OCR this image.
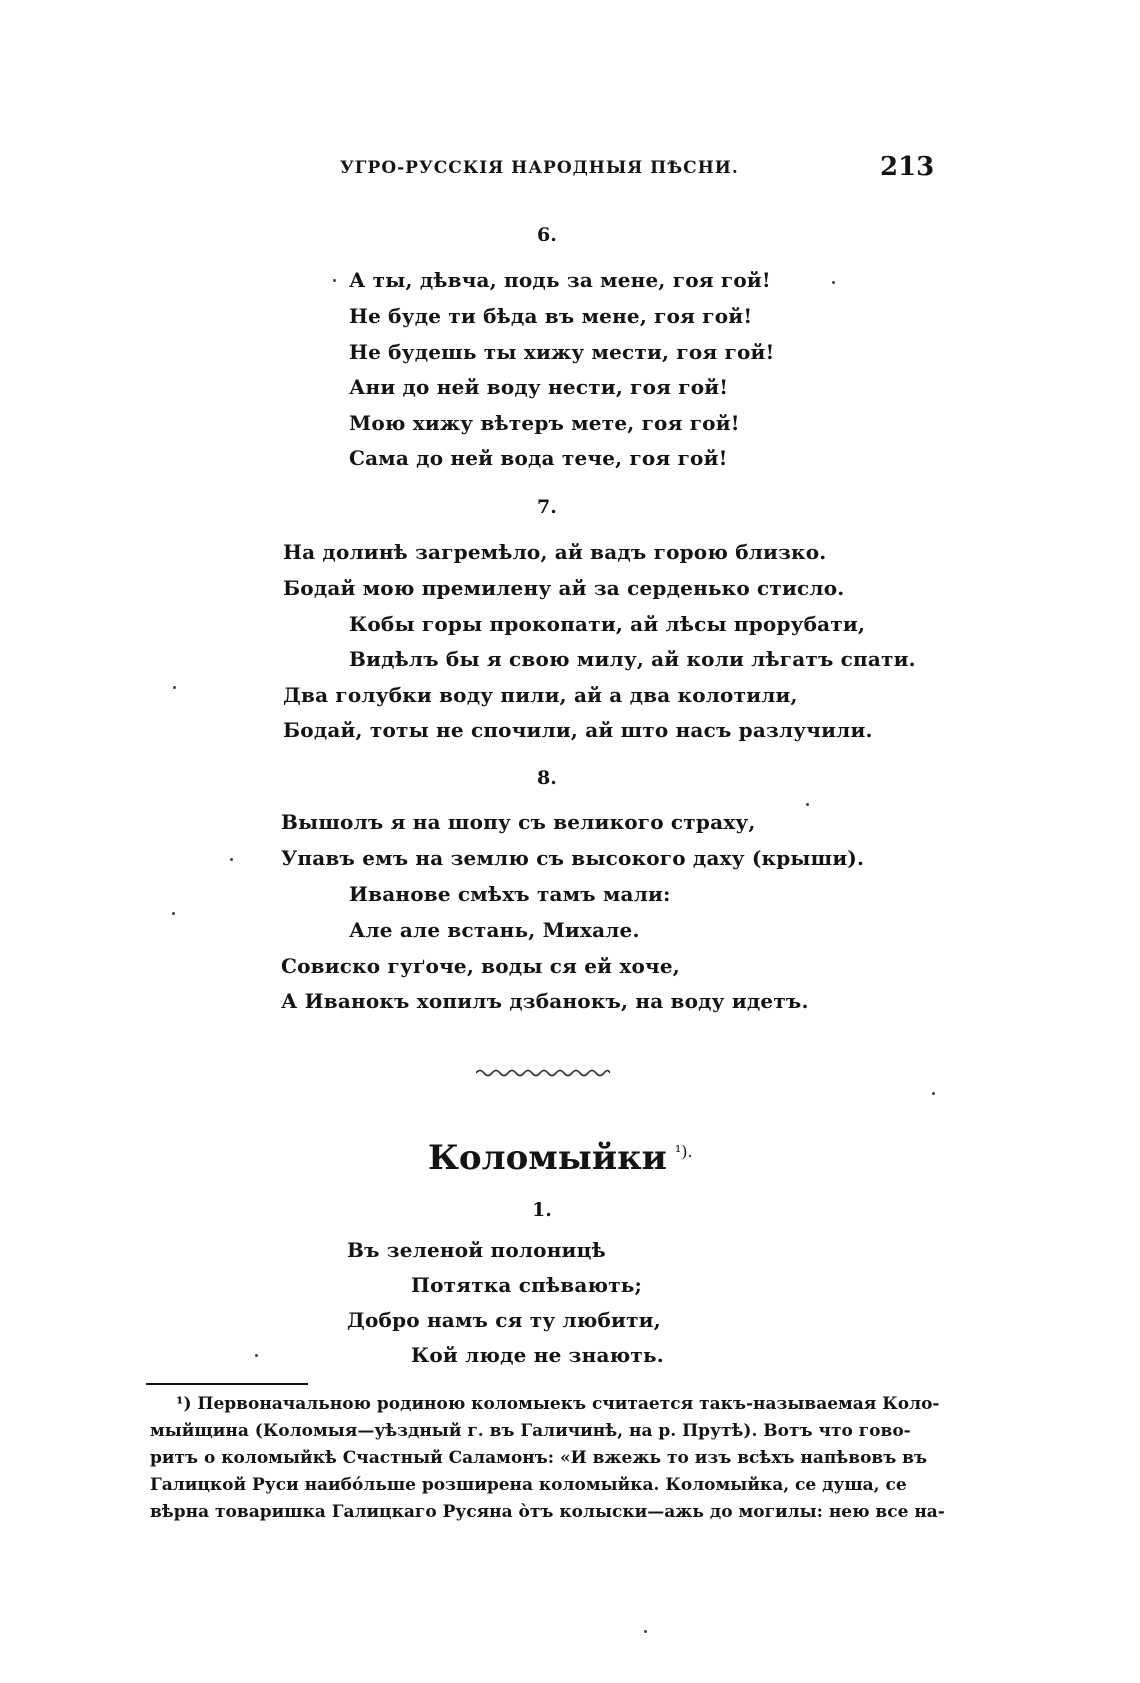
УГРО-РУССКІЯ НАРОДНЫЯ ПѢСНИ.	213
6.
А ты, дѣвча, подь за мене, гоя гой!
Не буде ти бѣда въ мене, гоя гой!
Не будешь ты хижу мести, гоя гой!
Ани до ней воду нести, гоя гой!
Мою хижу вѣтеръ мете, гоя гой!
Сама до ней вода тече, гоя гой!
7.
На долинѣ загремѣло, ай вадъ горою близко.
Бодай мою премилену ай за серденько стисло.
Кобы горы прокопати, ай лѣсы прорубати,
Видѣлъ бы я свою милу, ай коли лѣгатъ спати.
Два голубки воду пили, ай а два колотили,
Бодай, тоты не спочили, ай што насъ разлучили.
8.
Вышолъ я на шопу съ великого страху,
Упавъ емъ на землю съ высокого даху (крыши).
Иванове смѣхъ тамъ мали:
Але але встань, Михале.
Совиско гуґоче, воды ся ей хоче,
А Иванокъ хопилъ дзбанокъ, на воду идетъ.
Коломыйки $^{^1).}$
1.
Въ зеленой полоницѣ
Потятка спѣвають;
Добро намъ ся ту любити,
Кой люде не знають.
¹) Первоначальною родиною коломыекъ считается такъ-называемая Коло-
мыйщина (Коломыя—уѣздный г. въ Галичинѣ, на р. Прутѣ). Вотъ что гово-
ритъ о коломыйкѣ Счастный Саламонъ: «И вжежь то изъ всѣхъ напѣвовъ въ
Галицкой Руси наибóльше розширена коломыйка. Коломыйка, се душа, се
вѣрна товаришка Галицкаго Русяна òтъ колыски—ажь до могилы: нею все на-
